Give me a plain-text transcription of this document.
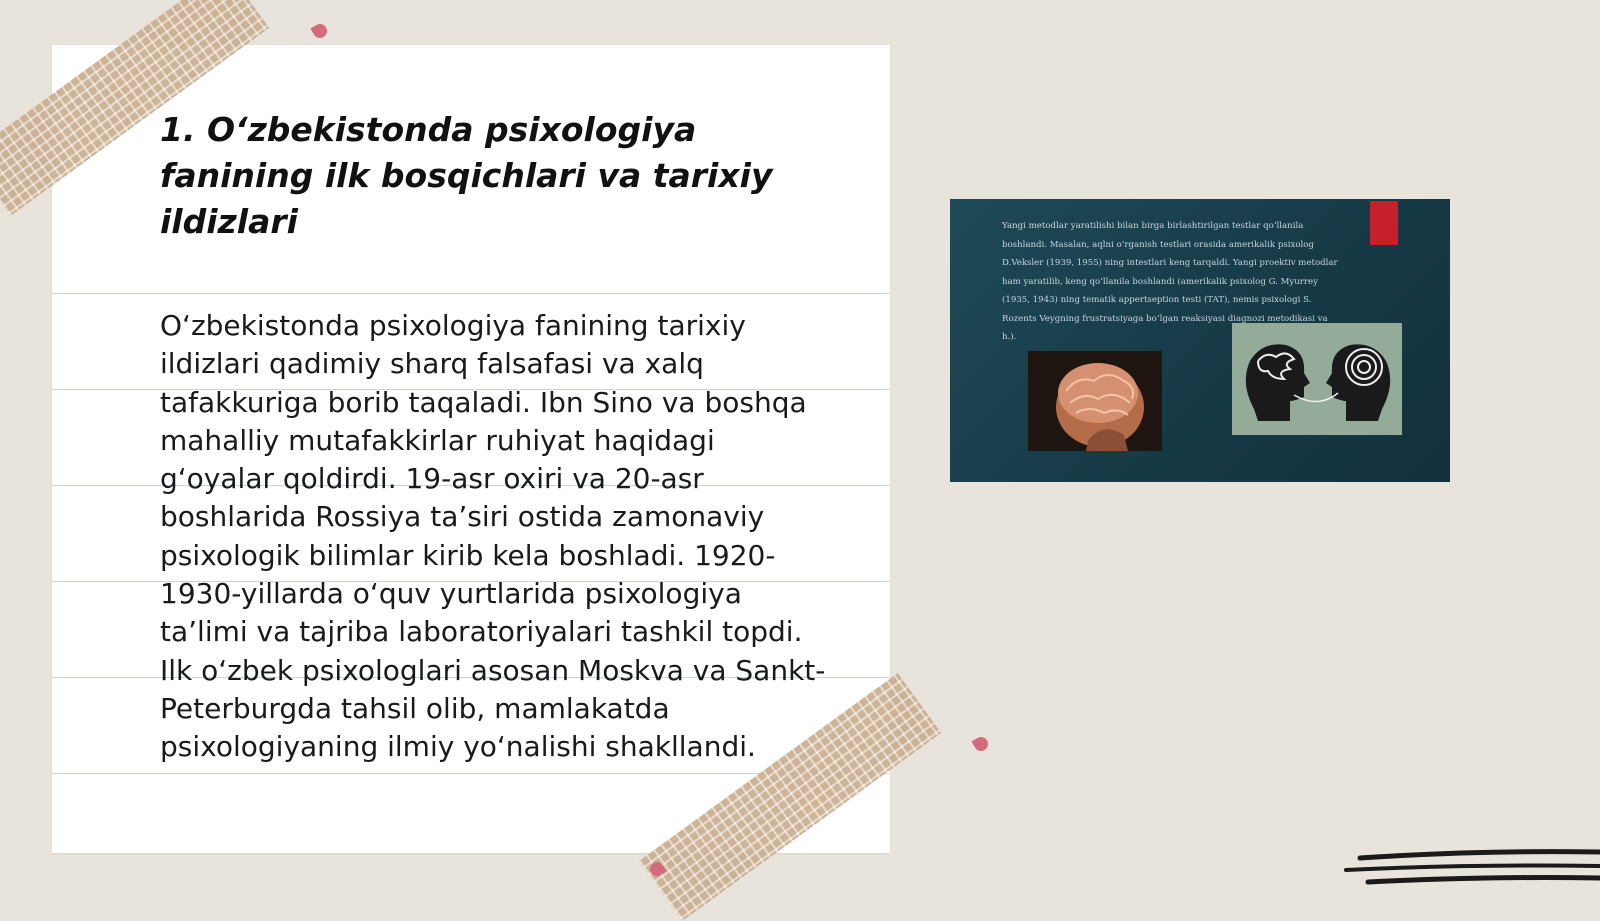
1. O‘zbekistonda psixologiya fanining ilk bosqichlari va tarixiy ildizlari

O‘zbekistonda psixologiya fanining tarixiy ildizlari qadimiy sharq falsafasi va xalq tafakkuriga borib taqaladi. Ibn Sino va boshqa mahalliy mutafakkirlar ruhiyat haqidagi g‘oyalar qoldirdi. 19-asr oxiri va 20-asr boshlarida Rossiya ta’siri ostida zamonaviy psixologik bilimlar kirib kela boshladi. 1920-1930-yillarda o‘quv yurtlarida psixologiya ta’limi va tajriba laboratoriyalari tashkil topdi. Ilk o‘zbek psixologlari asosan Moskva va Sankt-Peterburgda tahsil olib, mamlakatda psixologiyaning ilmiy yo‘nalishi shakllandi.

Yangi metodlar yaratilishi bilan birga birlashtirilgan testlar qo‘llanila boshlandi. Masalan, aqlni o‘rganish testlari orasida amerikalik psixolog D.Veksler (1939, 1955) ning intestlari keng tarqaldi. Yangi proektiv metodlar ham yaratilib, keng qo‘llanila boshlandi (amerikalik psixolog G. Myurrey (1935, 1943) ning tematik appertseption testi (TAT), nemis psixologi S. Rozents Veygning frustratsiyaga bo‘lgan reaksiyasi diagnozi metodikasi va h.).
